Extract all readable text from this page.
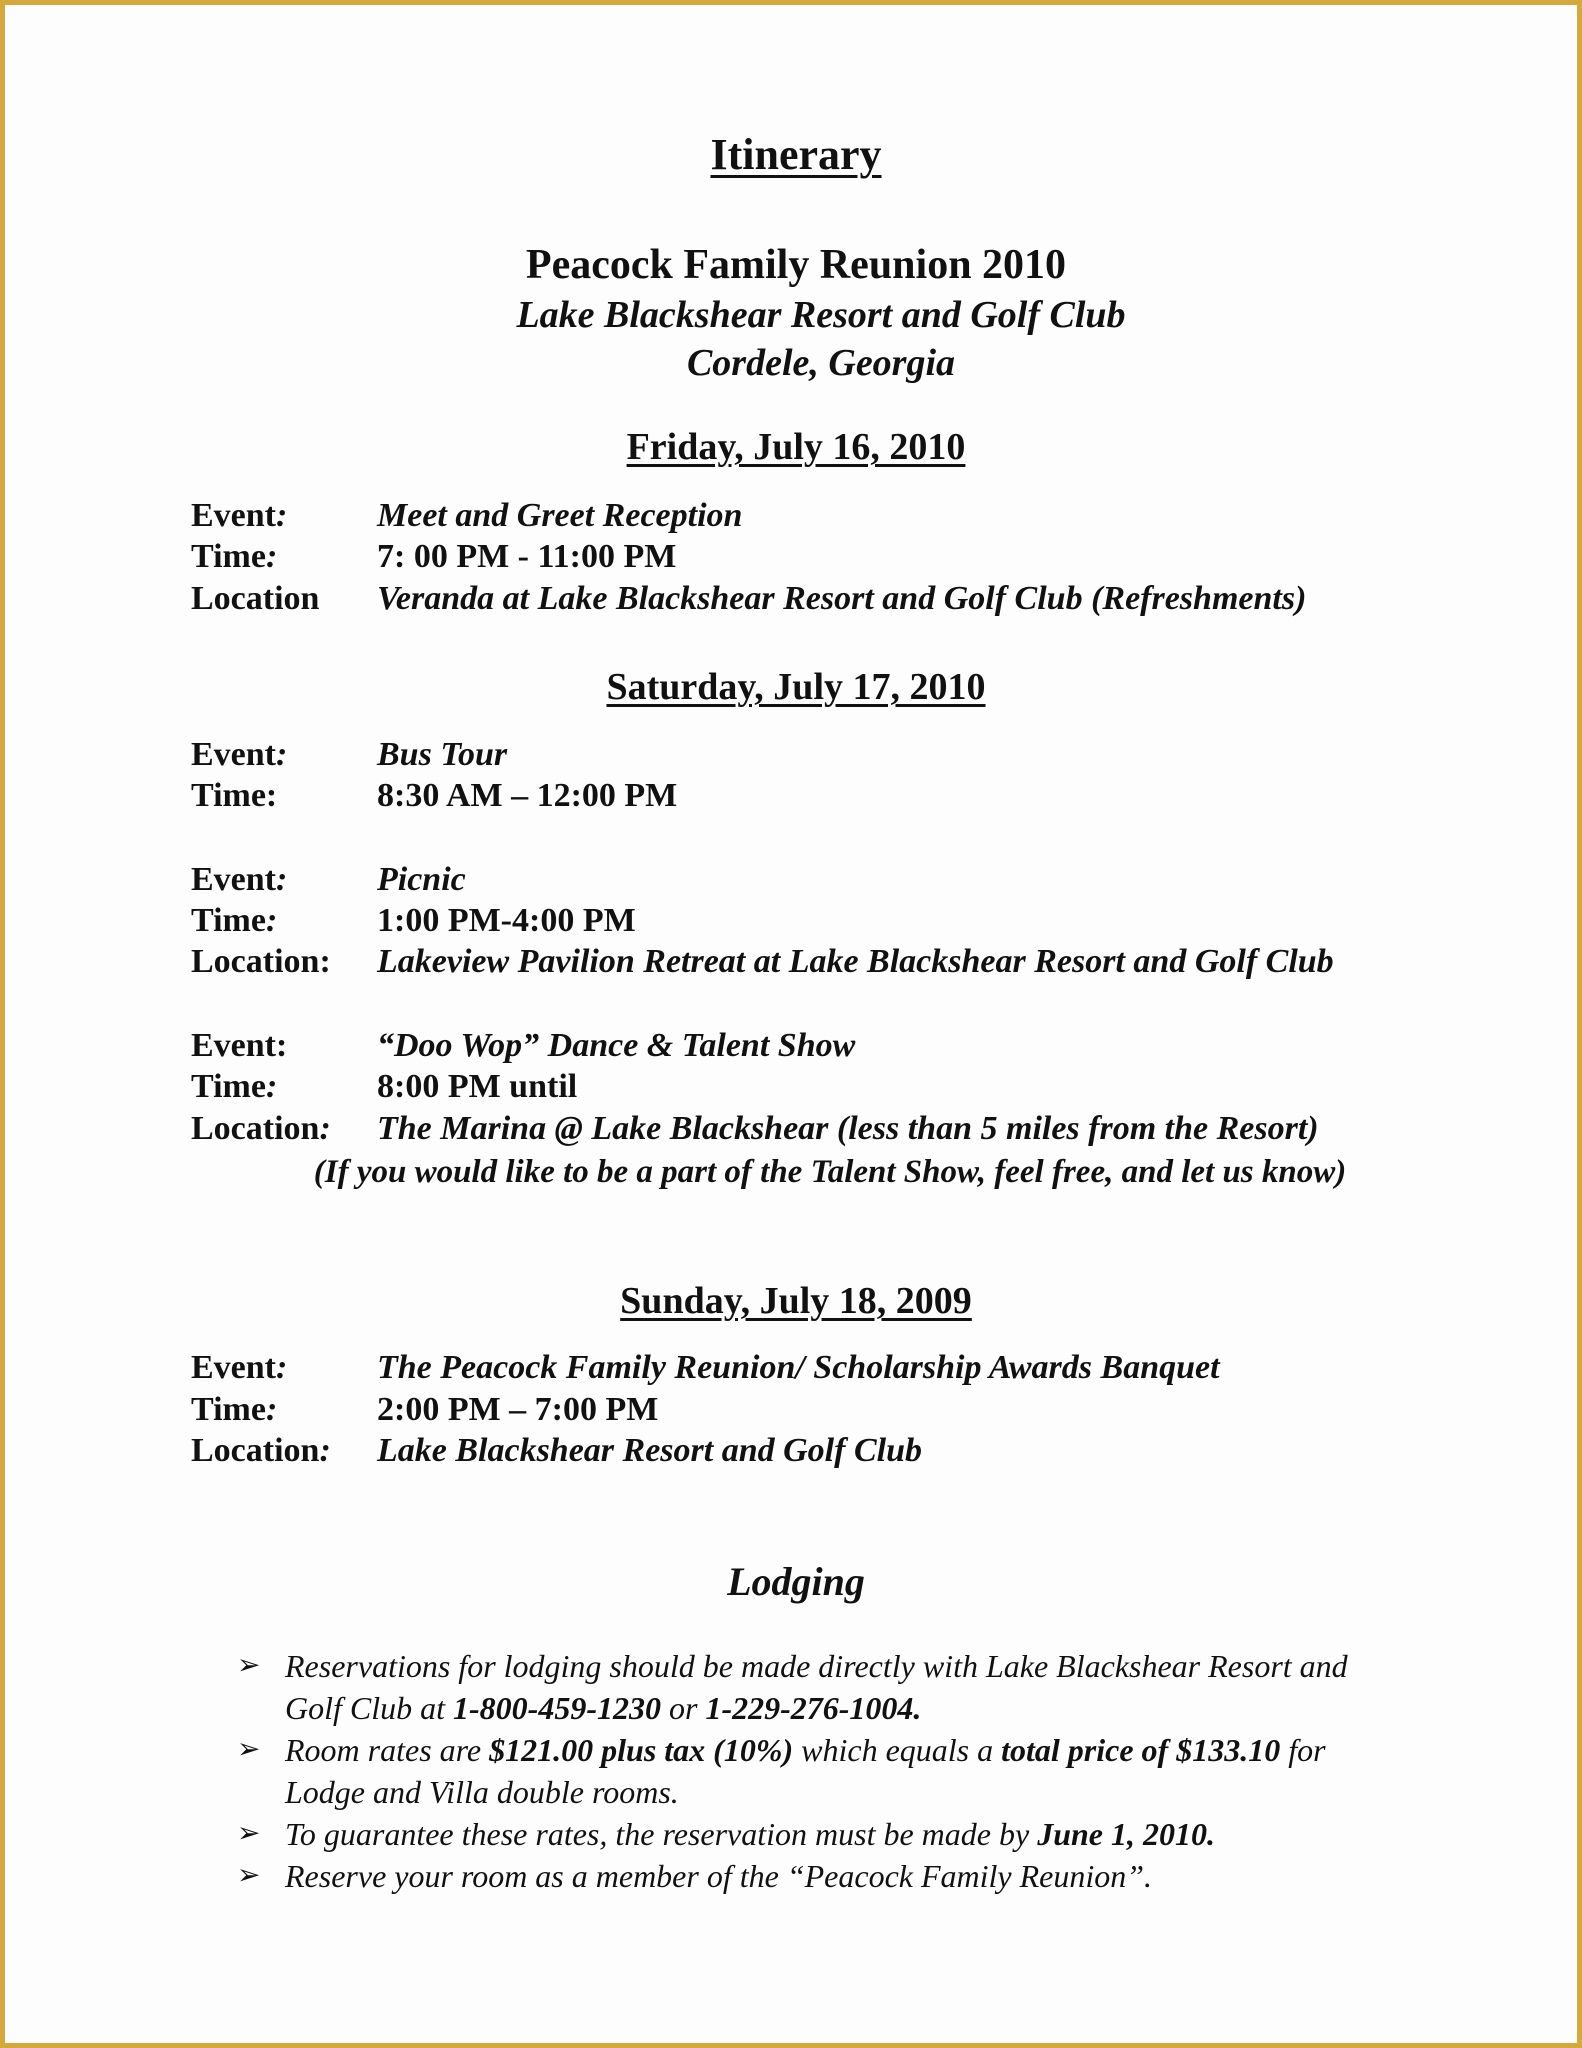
Itinerary
Peacock Family Reunion 2010
Lake Blackshear Resort and Golf Club
Cordele, Georgia
Friday, July 16, 2010
Event:	Meet and Greet Reception
Time:	7: 00 PM - 11:00 PM
Location Veranda at Lake Blackshear Resort and Golf Club (Refreshments)
Saturday, July 17, 2010
Event:	Bus Tour
Time:	8:30 AM – 12:00 PM
Event:	Picnic
Time:	1:00 PM-4:00 PM
Location: Lakeview Pavilion Retreat at Lake Blackshear Resort and Golf Club
Event:	“Doo Wop” Dance & Talent Show
Time:	8:00 PM until
Location: The Marina @ Lake Blackshear (less than 5 miles from the Resort)
(If you would like to be a part of the Talent Show, feel free, and let us know)
Sunday, July 18, 2009
Event:	The Peacock Family Reunion/ Scholarship Awards Banquet
Time:	2:00 PM – 7:00 PM
Location: Lake Blackshear Resort and Golf Club
Lodging

➢ Reservations for lodging should be made directly with Lake Blackshear Resort and Golf Club at 1-800-459-1230 or 1-229-276-1004.

➢ Room rates are $121.00 plus tax (10%) which equals a total price of $133.10 for Lodge and Villa double rooms.

➢ To guarantee these rates, the reservation must be made by June 1, 2010.

➢ Reserve your room as a member of the “Peacock Family Reunion”.
